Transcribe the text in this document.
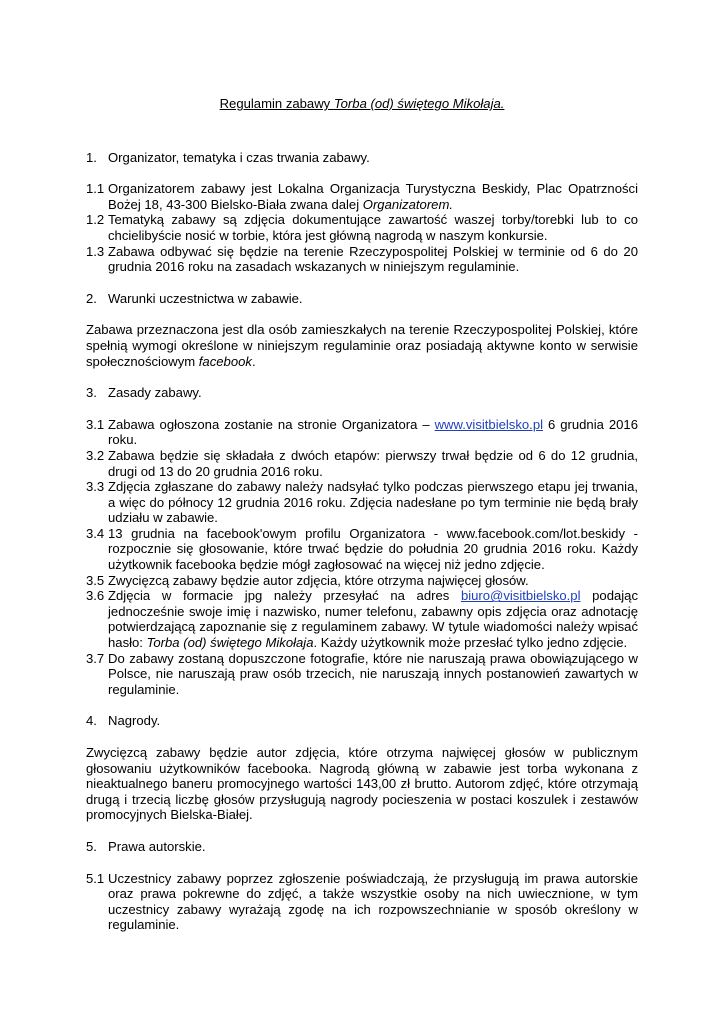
Regulamin zabawy Torba (od) świętego Mikołaja.
1. Organizator, tematyka i czas trwania zabawy.
1.1 Organizatorem zabawy jest Lokalna Organizacja Turystyczna Beskidy, Plac Opatrzności Bożej 18, 43-300 Bielsko-Biała zwana dalej Organizatorem.
1.2 Tematyką zabawy są zdjęcia dokumentujące zawartość waszej torby/torebki lub to co chcielibyście nosić w torbie, która jest główną nagrodą w naszym konkursie.
1.3 Zabawa odbywać się będzie na terenie Rzeczypospolitej Polskiej w terminie od 6 do 20 grudnia 2016 roku na zasadach wskazanych w niniejszym regulaminie.
2. Warunki uczestnictwa w zabawie.
Zabawa przeznaczona jest dla osób zamieszkałych na terenie Rzeczypospolitej Polskiej, które spełnią wymogi określone w niniejszym regulaminie oraz posiadają aktywne konto w serwisie społecznościowym facebook.
3. Zasady zabawy.
3.1 Zabawa ogłoszona zostanie na stronie Organizatora – www.visitbielsko.pl 6 grudnia 2016 roku.
3.2 Zabawa będzie się składała z dwóch etapów: pierwszy trwał będzie od 6 do 12 grudnia, drugi od 13 do 20 grudnia 2016 roku.
3.3 Zdjęcia zgłaszane do zabawy należy nadsyłać tylko podczas pierwszego etapu jej trwania, a więc do północy 12 grudnia 2016 roku. Zdjęcia nadesłane po tym terminie nie będą brały udziału w zabawie.
3.4 13 grudnia na facebook'owym profilu Organizatora - www.facebook.com/lot.beskidy - rozpocznie się głosowanie, które trwać będzie do południa 20 grudnia 2016 roku. Każdy użytkownik facebooka będzie mógł zagłosować na więcej niż jedno zdjęcie.
3.5 Zwycięzcą zabawy będzie autor zdjęcia, które otrzyma najwięcej głosów.
3.6 Zdjęcia w formacie jpg należy przesyłać na adres biuro@visitbielsko.pl podając jednocześnie swoje imię i nazwisko, numer telefonu, zabawny opis zdjęcia oraz adnotację potwierdzającą zapoznanie się z regulaminem zabawy. W tytule wiadomości należy wpisać hasło: Torba (od) świętego Mikołaja. Każdy użytkownik może przesłać tylko jedno zdjęcie.
3.7 Do zabawy zostaną dopuszczone fotografie, które nie naruszają prawa obowiązującego w Polsce, nie naruszają praw osób trzecich, nie naruszają innych postanowień zawartych w regulaminie.
4. Nagrody.
Zwycięzcą zabawy będzie autor zdjęcia, które otrzyma najwięcej głosów w publicznym głosowaniu użytkowników facebooka. Nagrodą główną w zabawie jest torba wykonana z nieaktualnego baneru promocyjnego wartości 143,00 zł brutto. Autorom zdjęć, które otrzymają drugą i trzecią liczbę głosów przysługują nagrody pocieszenia w postaci koszulek i zestawów promocyjnych Bielska-Białej.
5. Prawa autorskie.
5.1 Uczestnicy zabawy poprzez zgłoszenie poświadczają, że przysługują im prawa autorskie oraz prawa pokrewne do zdjęć, a także wszystkie osoby na nich uwiecznione, w tym uczestnicy zabawy wyrażają zgodę na ich rozpowszechnianie w sposób określony w regulaminie.
